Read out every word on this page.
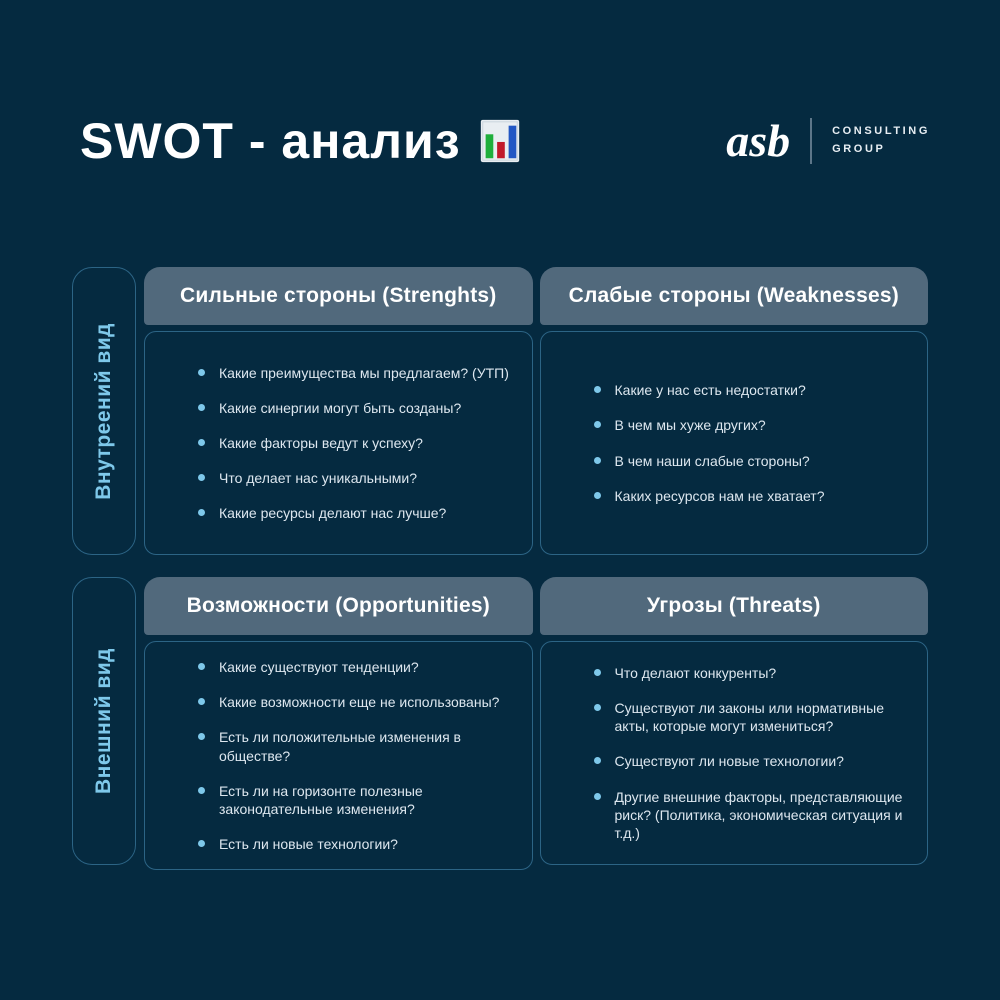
SWOT - анализ	asb	CONSULTING
GROUP
Внутреений вид
Сильные стороны (Strenghts)
Какие преимущества мы предлагаем? (УТП)
Какие синергии могут быть созданы?
Какие факторы ведут к успеху?
Что делает нас уникальными?
Какие ресурсы делают нас лучше?
Слабые стороны (Weaknesses)
Какие у нас есть недостатки?
В чем мы хуже других?
В чем наши слабые стороны?
Каких ресурсов нам не хватает?
Внешний вид
Возможности (Opportunities)
Какие существуют тенденции?
Какие возможности еще не использованы?
Есть ли положительные изменения в обществе?
Есть ли на горизонте полезные законодательные изменения?
Есть ли новые технологии?
Угрозы (Threats)
Что делают конкуренты?
Существуют ли законы или нормативные акты, которые могут измениться?
Существуют ли новые технологии?
Другие внешние факторы, представляющие риск? (Политика, экономическая ситуация и т.д.)
